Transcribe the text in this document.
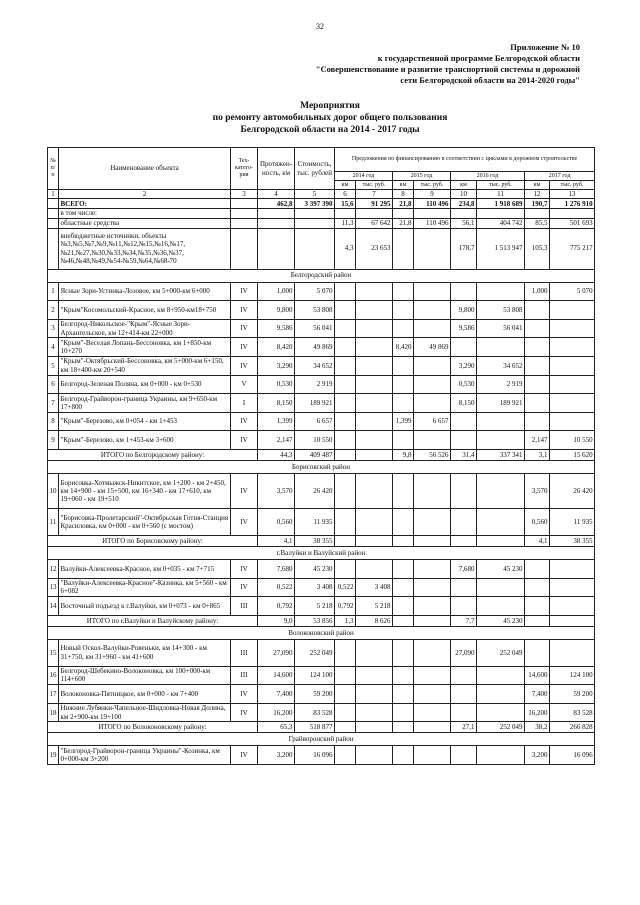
32
Приложение № 10
к государственной программе Белгородской области
"Совершенствование и развитие транспортной системы и дорожной
сети Белгородской области на 2014-2020 годы"
Мероприятия
по ремонту автомобильных дорог общего пользования
Белгородской области на 2014 - 2017 годы
№ п/п	Наименование объекта	Тех-катего-рия	Протяжен-ность, км	Стоимость, тыс. рублей	Предложения по финансированию в соответствии с циклами в дорожном строительстве							
					2014 год		2015 год		2016 год		2017 год	
					км	тыс. руб.	км	тыс. руб.	км	тыс. руб.	км	тыс. руб.
1	2	3	4	5	6	7	8	9	10	11	12	13
	ВСЕГО:		462,8	3 397 390	15,6	91 295	21,8	110 496	234,8	1 918 689	190,7	1 276 910
	в том числе:											
	областные средства				11,3	67 642	21,8	110 496	56,1	404 742	85,5	501 693
	внебюджетные источники, объекты №3,№5,№7,№9,№11,№12,№15,№16,№17, №21,№27,№30,№33,№34,№35,№36,№37, №46,№48,№49,№54-№59,№64,№68-70				4,3	23 653			178,7	1 513 947	105,3	775 217
Белгородский район												
1	Ясные Зори-Устинка-Лозовое, км 5+000-км 6+000	IV	1,000	5 070							1,000	5 070
2	"Крым"Косомольский-Красное, км 8+950-км18+750	IV	9,800	53 808					9,800	53 808		
3	Белгород-Никольское-"Крым"-Ясные Зори-Архангельское, км 12+414-км 22+000	IV	9,586	56 041					9,586	56 041		
4	"Крым"-Веселая Лопань-Бессоновка, км 1+850-км 10+270	IV	8,420	49 869			8,420	49 869				
5	"Крым"-Октябрьский-Бессоновка, км 5+000-км 6+150, км 18+400-км 20+540	IV	3,290	34 652					3,290	34 652		
6	Белгород-Зеленая Поляна, км 0+000 - км 0+530	V	0,530	2 919					0,530	2 919		
7	Белгород-Грайворон-граница Украины, км 9+650-км 17+800	I	8,150	189 921					8,150	189 921		
8	"Крым"-Березово, км 0+054 - км 1+453	IV	1,399	6 657			1,399	6 657				
9	"Крым"-Березово, км 1+453-км 3+600	IV	2,147	10 550							2,147	10 550
ИТОГО по Белгородскому району:			44,3	409 487			9,8	56 526	31,4	337 341	3,1	15 620
Борисовский район												
10	Борисовка-Хотмыжск-Никитское, км 1+200 - км 2+450, км 14+900 - км 15+500, км 16+340 - км 17+610, км 19+060 - км 19+510	IV	3,570	26 420							3,570	26 420
11	"Борисовка-Пролетарский"-Октябрьская Готня-Станция Красиловка, км 0+000 - км 0+560 (с мостом)	IV	0,560	11 935							0,560	11 935
ИТОГО по Борисовскому району:			4,1	38 355							4,1	38 355
г.Валуйки и Валуйский район												
12	Валуйки-Алексеевка-Красное, км 0+035 - км 7+715	IV	7,680	45 230					7,680	45 230		
13	"Валуйки-Алексеевка-Красное"-Казинка, км 5+560 - км 6+082	IV	0,522	3 408	0,522	3 408						
14	Восточный подъезд к г.Валуйки, км 0+073 - км 0+865	III	0,792	5 218	0,792	5 218						
ИТОГО по г.Валуйки и Валуйскому району:			9,0	53 856	1,3	8 626			7,7	45 230		
Волоконовский район												
15	Новый Оскол-Валуйки-Ровеньки, км 14+300 - км 31+750, км 31+960 - км 41+600	III	27,090	252 049					27,090	252 049		
16	Белгород-Шебекино-Волоконовка, км 100+000-км 114+600	III	14,600	124 100							14,600	124 100
17	Волоконовка-Пятницкое, км 0+000 - км 7+400	IV	7,400	59 200							7,400	59 200
18	Нижние Лубянки-Чапельное-Шидловка-Новая Долина, км 2+900-км 19+100	IV	16,200	83 528							16,200	83 528
ИТОГО по Волоконовскому району:			65,3	518 877					27,1	252 049	38,2	266 828
Грайворонский район												
19	"Белгород-Грайворон-граница Украины"-Козинка, км 0+000-км 3+200	IV	3,200	16 096							3,200	16 096
